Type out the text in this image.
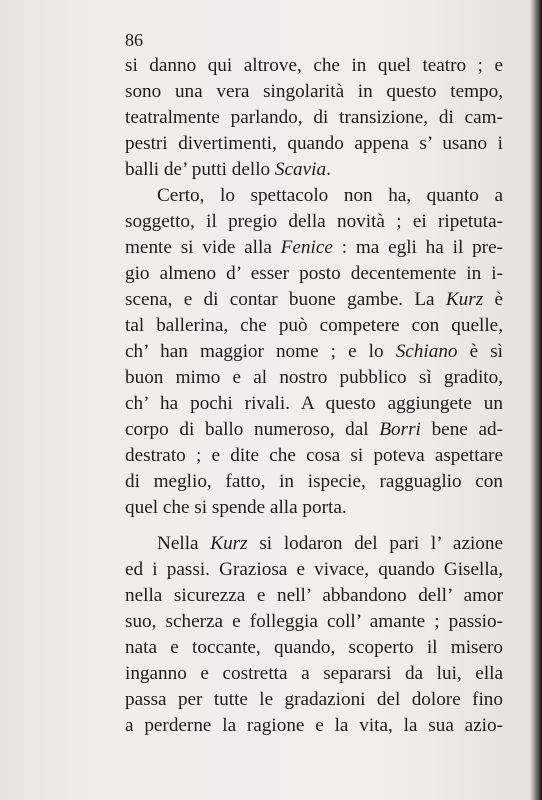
86
si danno qui altrove, che in quel teatro ; e
sono una vera singolarità in questo tempo,
teatralmente parlando, di transizione, di cam-
pestri divertimenti, quando appena s’ usano i
balli de’ putti dello Scavia.
Certo, lo spettacolo non ha, quanto a
soggetto, il pregio della novità ; ei ripetuta-
mente si vide alla Fenice : ma egli ha il pre-
gio almeno d’ esser posto decentemente in i-
scena, e di contar buone gambe. La Kurz è
tal ballerina, che può competere con quelle,
ch’ han maggior nome ; e lo Schiano è sì
buon mimo e al nostro pubblico sì gradito,
ch’ ha pochi rivali. A questo aggiungete un
corpo di ballo numeroso, dal Borri bene ad-
destrato ; e dite che cosa si poteva aspettare
di meglio, fatto, in ispecie, ragguaglio con
quel che si spende alla porta.
Nella Kurz si lodaron del pari l’ azione
ed i passi. Graziosa e vivace, quando Gisella,
nella sicurezza e nell’ abbandono dell’ amor
suo, scherza e folleggia coll’ amante ; passio-
nata e toccante, quando, scoperto il misero
inganno e costretta a separarsi da lui, ella
passa per tutte le gradazioni del dolore fino
a perderne la ragione e la vita, la sua azio-
